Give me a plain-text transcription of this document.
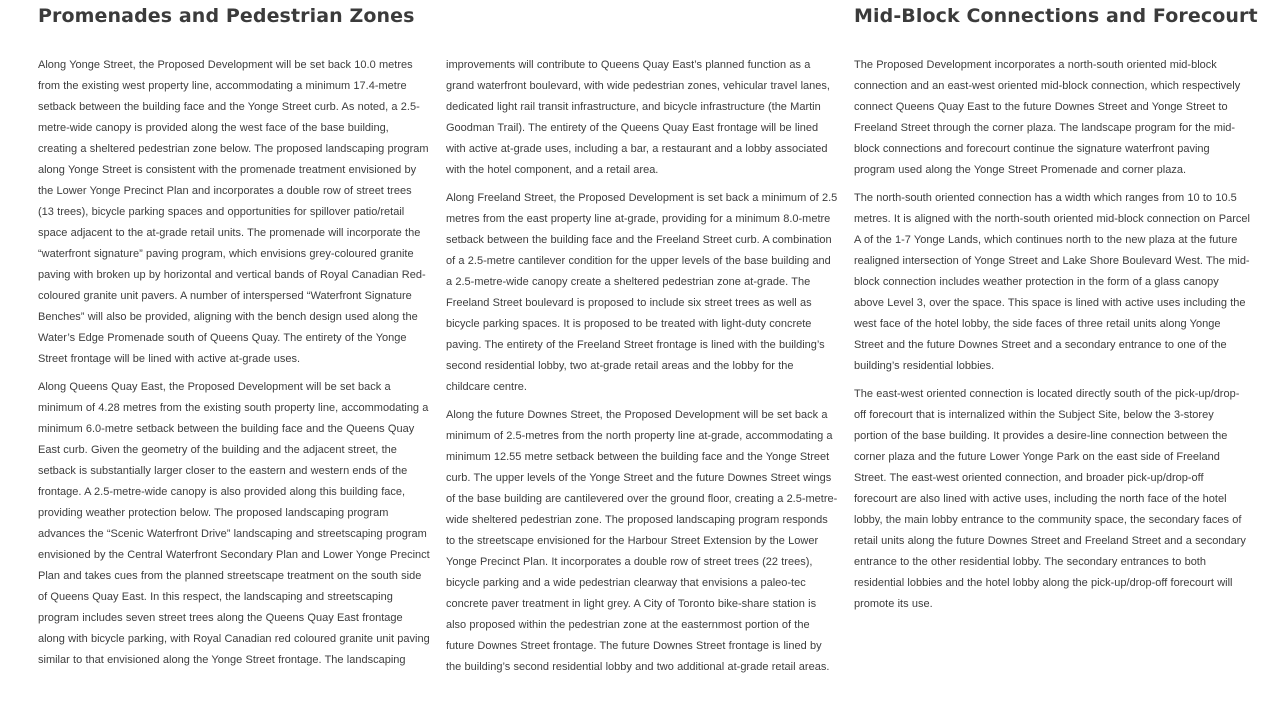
Promenades and Pedestrian Zones	Mid-Block Connections and Forecourt

Along Yonge Street, the Proposed Development will be set back 10.0 metres from the existing west property line, accommodating a minimum 17.4-metre setback between the building face and the Yonge Street curb. As noted, a 2.5-metre-wide canopy is provided along the west face of the base building, creating a sheltered pedestrian zone below. The proposed landscaping program along Yonge Street is consistent with the promenade treatment envisioned by the Lower Yonge Precinct Plan and incorporates a double row of street trees (13 trees), bicycle parking spaces and opportunities for spillover patio/retail space adjacent to the at-grade retail units. The promenade will incorporate the “waterfront signature” paving program, which envisions grey-coloured granite paving with broken up by horizontal and vertical bands of Royal Canadian Red-coloured granite unit pavers. A number of interspersed “Waterfront Signature Benches” will also be provided, aligning with the bench design used along the Water’s Edge Promenade south of Queens Quay. The entirety of the Yonge Street frontage will be lined with active at-grade uses.

Along Queens Quay East, the Proposed Development will be set back a minimum of 4.28 metres from the existing south property line, accommodating a minimum 6.0-metre setback between the building face and the Queens Quay East curb. Given the geometry of the building and the adjacent street, the setback is substantially larger closer to the eastern and western ends of the frontage. A 2.5-metre-wide canopy is also provided along this building face, providing weather protection below. The proposed landscaping program advances the “Scenic Waterfront Drive” landscaping and streetscaping program envisioned by the Central Waterfront Secondary Plan and Lower Yonge Precinct Plan and takes cues from the planned streetscape treatment on the south side of Queens Quay East. In this respect, the landscaping and streetscaping program includes seven street trees along the Queens Quay East frontage along with bicycle parking, with Royal Canadian red coloured granite unit paving similar to that envisioned along the Yonge Street frontage. The landscaping

improvements will contribute to Queens Quay East’s planned function as a grand waterfront boulevard, with wide pedestrian zones, vehicular travel lanes, dedicated light rail transit infrastructure, and bicycle infrastructure (the Martin Goodman Trail). The entirety of the Queens Quay East frontage will be lined with active at-grade uses, including a bar, a restaurant and a lobby associated with the hotel component, and a retail area.

Along Freeland Street, the Proposed Development is set back a minimum of 2.5 metres from the east property line at-grade, providing for a minimum 8.0-metre setback between the building face and the Freeland Street curb. A combination of a 2.5-metre cantilever condition for the upper levels of the base building and a 2.5-metre-wide canopy create a sheltered pedestrian zone at-grade. The Freeland Street boulevard is proposed to include six street trees as well as bicycle parking spaces. It is proposed to be treated with light-duty concrete paving. The entirety of the Freeland Street frontage is lined with the building’s second residential lobby, two at-grade retail areas and the lobby for the childcare centre.

Along the future Downes Street, the Proposed Development will be set back a minimum of 2.5-metres from the north property line at-grade, accommodating a minimum 12.55 metre setback between the building face and the Yonge Street curb. The upper levels of the Yonge Street and the future Downes Street wings of the base building are cantilevered over the ground floor, creating a 2.5-metre-wide sheltered pedestrian zone. The proposed landscaping program responds to the streetscape envisioned for the Harbour Street Extension by the Lower Yonge Precinct Plan. It incorporates a double row of street trees (22 trees), bicycle parking and a wide pedestrian clearway that envisions a paleo-tec concrete paver treatment in light grey. A City of Toronto bike-share station is also proposed within the pedestrian zone at the easternmost portion of the future Downes Street frontage. The future Downes Street frontage is lined by the building’s second residential lobby and two additional at-grade retail areas.

The Proposed Development incorporates a north-south oriented mid-block connection and an east-west oriented mid-block connection, which respectively connect Queens Quay East to the future Downes Street and Yonge Street to Freeland Street through the corner plaza. The landscape program for the mid-block connections and forecourt continue the signature waterfront paving program used along the Yonge Street Promenade and corner plaza.

The north-south oriented connection has a width which ranges from 10 to 10.5 metres. It is aligned with the north-south oriented mid-block connection on Parcel A of the 1-7 Yonge Lands, which continues north to the new plaza at the future realigned intersection of Yonge Street and Lake Shore Boulevard West. The mid-block connection includes weather protection in the form of a glass canopy above Level 3, over the space. This space is lined with active uses including the west face of the hotel lobby, the side faces of three retail units along Yonge Street and the future Downes Street and a secondary entrance to one of the building’s residential lobbies.

The east-west oriented connection is located directly south of the pick-up/drop-off forecourt that is internalized within the Subject Site, below the 3-storey portion of the base building. It provides a desire-line connection between the corner plaza and the future Lower Yonge Park on the east side of Freeland Street. The east-west oriented connection, and broader pick-up/drop-off forecourt are also lined with active uses, including the north face of the hotel lobby, the main lobby entrance to the community space, the secondary faces of retail units along the future Downes Street and Freeland Street and a secondary entrance to the other residential lobby. The secondary entrances to both residential lobbies and the hotel lobby along the pick-up/drop-off forecourt will promote its use.
